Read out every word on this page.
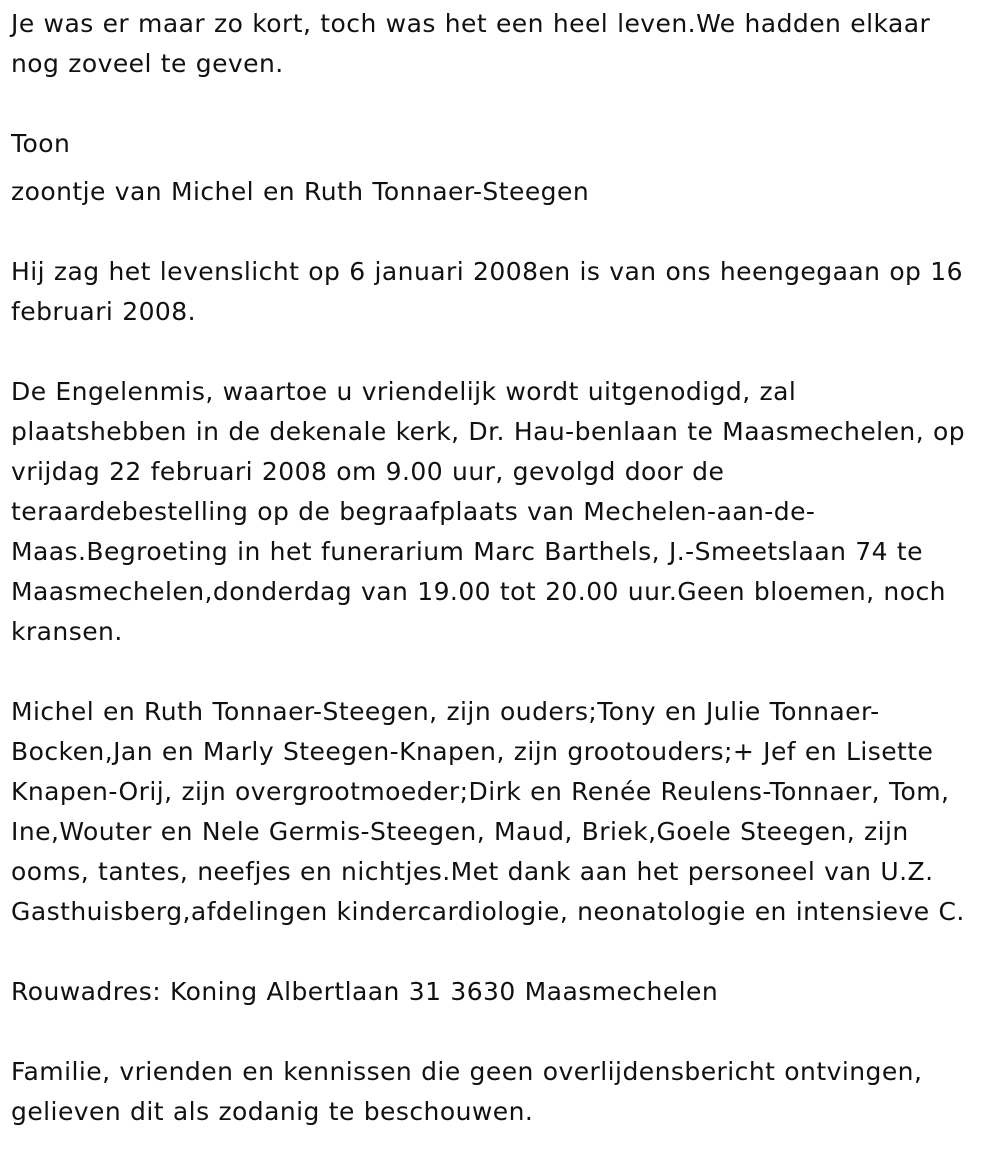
Je was er maar zo kort, toch was het een heel leven.We hadden elkaar
nog zoveel te geven.

Toon

zoontje van Michel en Ruth Tonnaer-Steegen

Hij zag het levenslicht op 6 januari 2008en is van ons heengegaan op 16
februari 2008.

De Engelenmis, waartoe u vriendelijk wordt uitgenodigd, zal
plaatshebben in de dekenale kerk, Dr. Hau-benlaan te Maasmechelen, op
vrijdag 22 februari 2008 om 9.00 uur, gevolgd door de
teraardebestelling op de begraafplaats van Mechelen-aan-de-
Maas.Begroeting in het funerarium Marc Barthels, J.-Smeetslaan 74 te
Maasmechelen,donderdag van 19.00 tot 20.00 uur.Geen bloemen, noch
kransen.

Michel en Ruth Tonnaer-Steegen, zijn ouders;Tony en Julie Tonnaer-
Bocken,Jan en Marly Steegen-Knapen, zijn grootouders;+ Jef en Lisette
Knapen-Orij, zijn overgrootmoeder;Dirk en Renée Reulens-Tonnaer, Tom,
Ine,Wouter en Nele Germis-Steegen, Maud, Briek,Goele Steegen, zijn
ooms, tantes, neefjes en nichtjes.Met dank aan het personeel van U.Z.
Gasthuisberg,afdelingen kindercardiologie, neonatologie en intensieve C.

Rouwadres: Koning Albertlaan 31 3630 Maasmechelen

Familie, vrienden en kennissen die geen overlijdensbericht ontvingen,
gelieven dit als zodanig te beschouwen.
